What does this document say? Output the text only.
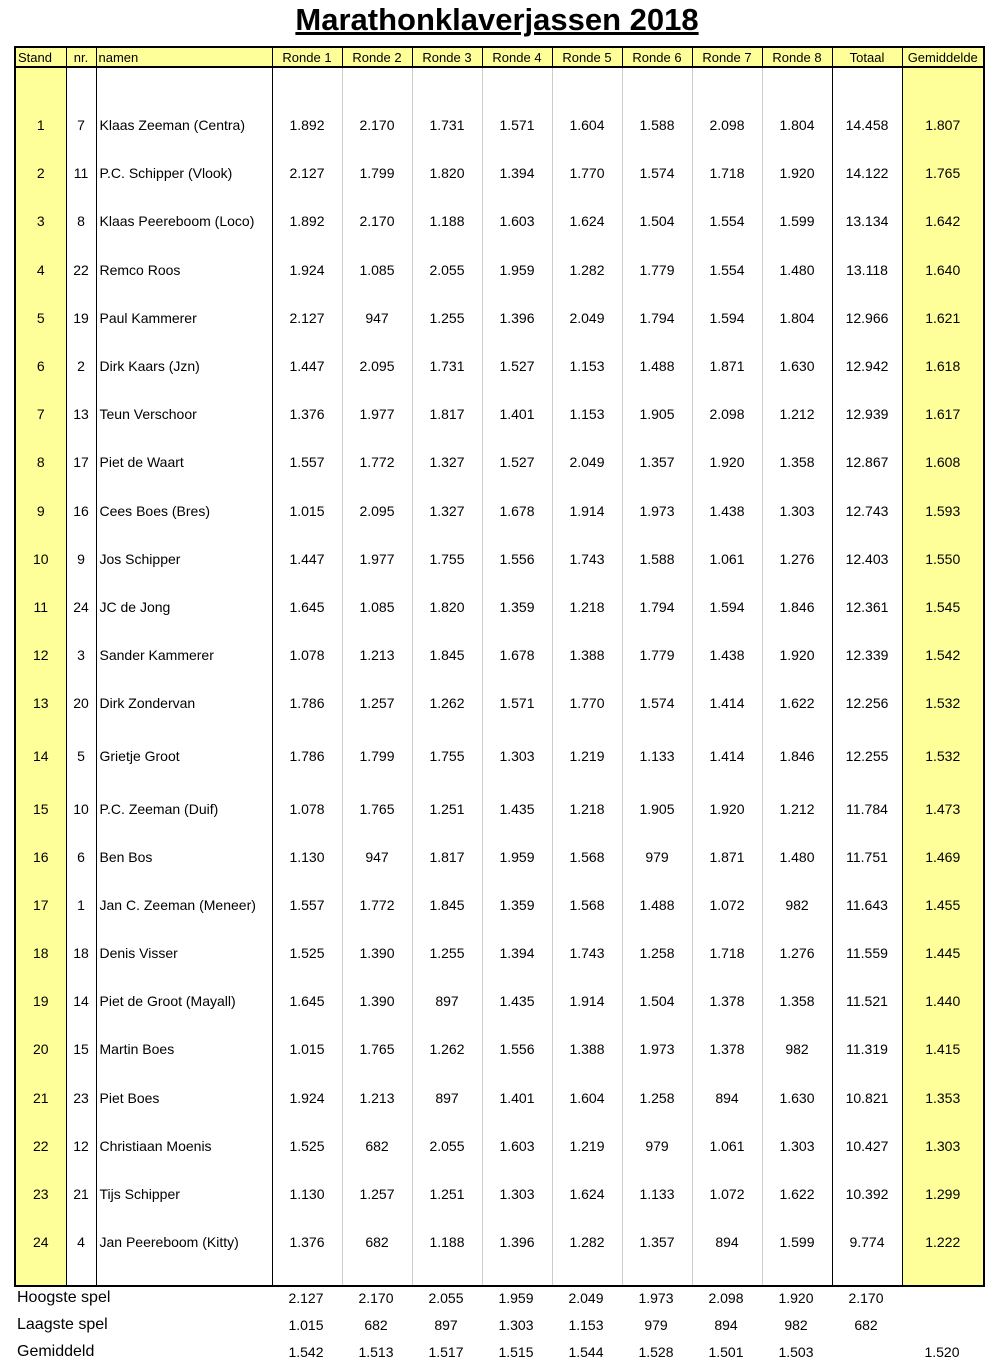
Marathonklaverjassen 2018
Stand	nr.	namen	Ronde 1	Ronde 2	Ronde 3	Ronde 4	Ronde 5	Ronde 6	Ronde 7	Ronde 8	Totaal	Gemiddelde

1	7	Klaas Zeeman (Centra)	1.892	2.170	1.731	1.571	1.604	1.588	2.098	1.804	14.458	1.807
2	11	P.C. Schipper (Vlook)	2.127	1.799	1.820	1.394	1.770	1.574	1.718	1.920	14.122	1.765
3	8	Klaas Peereboom (Loco)	1.892	2.170	1.188	1.603	1.624	1.504	1.554	1.599	13.134	1.642
4	22	Remco Roos	1.924	1.085	2.055	1.959	1.282	1.779	1.554	1.480	13.118	1.640
5	19	Paul Kammerer	2.127	947	1.255	1.396	2.049	1.794	1.594	1.804	12.966	1.621
6	2	Dirk Kaars (Jzn)	1.447	2.095	1.731	1.527	1.153	1.488	1.871	1.630	12.942	1.618
7	13	Teun Verschoor	1.376	1.977	1.817	1.401	1.153	1.905	2.098	1.212	12.939	1.617
8	17	Piet de Waart	1.557	1.772	1.327	1.527	2.049	1.357	1.920	1.358	12.867	1.608
9	16	Cees Boes (Bres)	1.015	2.095	1.327	1.678	1.914	1.973	1.438	1.303	12.743	1.593
10	9	Jos Schipper	1.447	1.977	1.755	1.556	1.743	1.588	1.061	1.276	12.403	1.550
11	24	JC de Jong	1.645	1.085	1.820	1.359	1.218	1.794	1.594	1.846	12.361	1.545
12	3	Sander Kammerer	1.078	1.213	1.845	1.678	1.388	1.779	1.438	1.920	12.339	1.542
13	20	Dirk Zondervan	1.786	1.257	1.262	1.571	1.770	1.574	1.414	1.622	12.256	1.532
14	5	Grietje Groot	1.786	1.799	1.755	1.303	1.219	1.133	1.414	1.846	12.255	1.532
15	10	P.C. Zeeman (Duif)	1.078	1.765	1.251	1.435	1.218	1.905	1.920	1.212	11.784	1.473
16	6	Ben Bos	1.130	947	1.817	1.959	1.568	979	1.871	1.480	11.751	1.469
17	1	Jan C. Zeeman (Meneer)	1.557	1.772	1.845	1.359	1.568	1.488	1.072	982	11.643	1.455
18	18	Denis Visser	1.525	1.390	1.255	1.394	1.743	1.258	1.718	1.276	11.559	1.445
19	14	Piet de Groot (Mayall)	1.645	1.390	897	1.435	1.914	1.504	1.378	1.358	11.521	1.440
20	15	Martin Boes	1.015	1.765	1.262	1.556	1.388	1.973	1.378	982	11.319	1.415
21	23	Piet Boes	1.924	1.213	897	1.401	1.604	1.258	894	1.630	10.821	1.353
22	12	Christiaan Moenis	1.525	682	2.055	1.603	1.219	979	1.061	1.303	10.427	1.303
23	21	Tijs Schipper	1.130	1.257	1.251	1.303	1.624	1.133	1.072	1.622	10.392	1.299
24	4	Jan Peereboom (Kitty)	1.376	682	1.188	1.396	1.282	1.357	894	1.599	9.774	1.222

Hoogste spel	2.127	2.170	2.055	1.959	2.049	1.973	2.098	1.920	2.170	
Laagste spel	1.015	682	897	1.303	1.153	979	894	982	682	
Gemiddeld	1.542	1.513	1.517	1.515	1.544	1.528	1.501	1.503		1.520
